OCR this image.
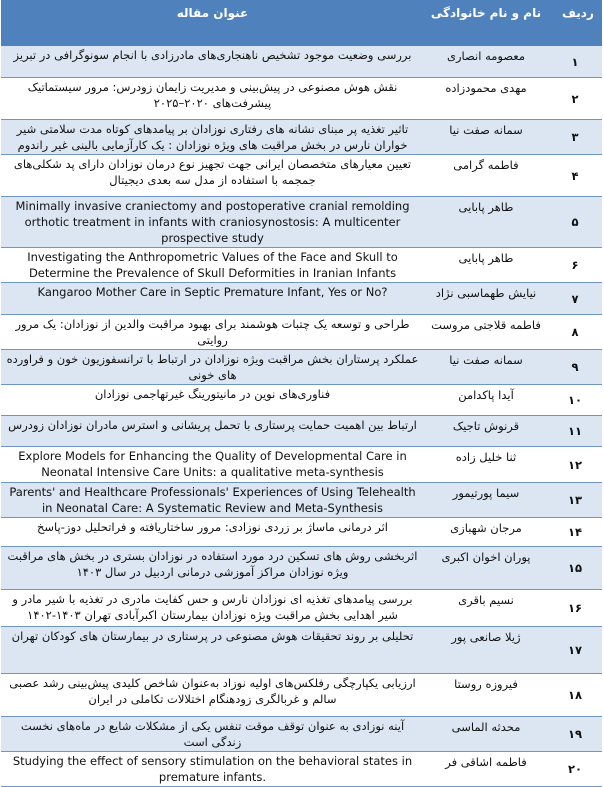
ردیف	نام و نام خانوادگی	عنوان مقاله
۱	معصومه انصاری	بررسی وضعیت موجود تشخیص ناهنجاری‌های مادرزادی با انجام سونوگرافی در تبریز
۲	مهدی محمودزاده	نقش هوش مصنوعی در پیش‌بینی و مدیریت زایمان زودرس: مرور سیستماتیک پیشرفت‌های ۲۰۲۰–۲۰۲۵
۳	سمانه صفت نیا	تاثیر تغذیه پر مبنای نشانه های رفتاری نوزادان بر پیامدهای کوتاه مدت سلامتی شیر خواران نارس در بخش مراقبت های ویژه نوزادان : یک کارآزمایی بالینی غیر راندوم
۴	فاطمه گرامی	تعیین معیارهای متخصصان ایرانی جهت تجهیز نوع درمان نوزادان دارای پد شکلی‌های جمجمه با استفاده از مدل سه بعدی دیجیتال
۵	طاهر پابایی	Minimally invasive craniectomy and postoperative cranial remolding orthotic treatment in infants with craniosynostosis: A multicenter prospective study
۶	طاهر پابایی	Investigating the Anthropometric Values of the Face and Skull to Determine the Prevalence of Skull Deformities in Iranian Infants
۷	نیایش طهماسبی نژاد	Kangaroo Mother Care in Septic Premature Infant, Yes or No?
۸	فاطمه قلاجتی مروست	طراحی و توسعه یک چتبات هوشمند برای بهبود مراقبت والدین از نوزادان: یک مرور روایتی
۹	سمانه صفت نیا	عملکرد پرستاران بخش مراقبت ویژه نوزادان در ارتباط با ترانسفوزیون خون و فراورده های خونی
۱۰	آیدا پاکدامن	فناوری‌های نوین در مانیتورینگ غیرتهاجمی نوزادان
۱۱	قرنوش تاجیک	ارتباط بین اهمیت حمایت پرستاری با تحمل پریشانی و استرس مادران نوزادان زودرس
۱۲	ثنا خلیل زاده	Explore Models for Enhancing the Quality of Developmental Care in Neonatal Intensive Care Units: a qualitative meta-synthesis
۱۳	سیما پورتیمور	Parents' and Healthcare Professionals' Experiences of Using Telehealth in Neonatal Care: A Systematic Review and Meta-Synthesis
۱۴	مرجان شهبازی	اثر درمانی ماساژ بر زردی نوزادی: مرور ساختاریافته و فراتحلیل دوز-پاسخ
۱۵	پوران اخوان اکبری	اثربخشی روش های تسکین درد مورد استفاده در نوزادان بستری در بخش های مراقبت ویژه نوزادان مراکز آموزشی درمانی اردبیل در سال ۱۴۰۳
۱۶	نسیم باقری	بررسی پیامدهای تغذیه ای نوزادان نارس و حس کفایت مادری در تغذیه با شیر مادر و شیر اهدایی بخش مراقبت ویژه نوزادان بیمارستان اکبرآبادی تهران ۱۴۰۳-۱۴۰۲
۱۷	ژیلا صانعی پور	تحلیلی بر روند تحقیقات هوش مصنوعی در پرستاری در بیمارستان های کودکان تهران
۱۸	فیروزه روستا	ارزیابی یکپارچگی رفلکس‌های اولیه نوزاد به‌عنوان شاخص کلیدی پیش‌بینی رشد عصبی سالم و غربالگری زودهنگام اختلالات تکاملی در ایران
۱۹	محدثه الماسی	آینه نوزادی به عنوان توقف موقت تنفس یکی از مشکلات شایع در ماه‌های نخست زندگی است
۲۰	فاطمه اشاقی فر	Studying the effect of sensory stimulation on the behavioral states in premature infants.
